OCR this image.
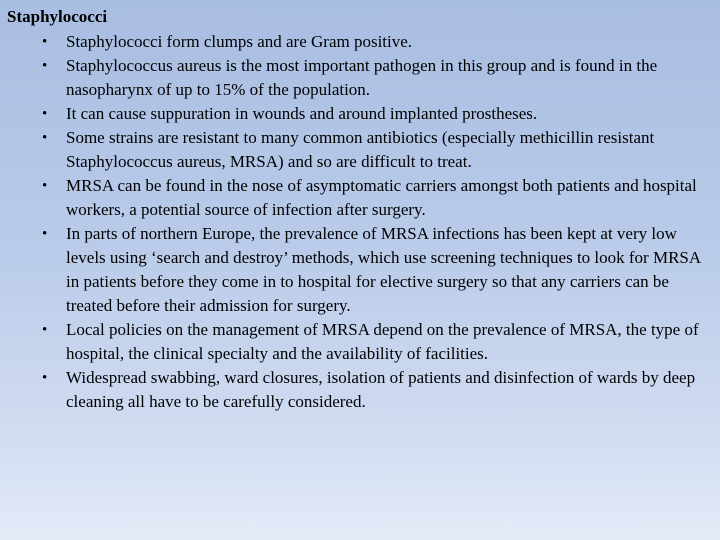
Staphylococci
• Staphylococci form clumps and are Gram positive.
• Staphylococcus aureus is the most important pathogen in this group and is found in the nasopharynx of up to 15% of the population.
• It can cause suppuration in wounds and around implanted prostheses.
• Some strains are resistant to many common antibiotics (especially methicillin resistant Staphylococcus aureus, MRSA) and so are difficult to treat.
• MRSA can be found in the nose of asymptomatic carriers amongst both patients and hospital workers, a potential source of infection after surgery.
• In parts of northern Europe, the prevalence of MRSA infections has been kept at very low levels using ‘search and destroy’ methods, which use screening techniques to look for MRSA in patients before they come in to hospital for elective surgery so that any carriers can be treated before their admission for surgery.
• Local policies on the management of MRSA depend on the prevalence of MRSA, the type of hospital, the clinical specialty and the availability of facilities.
• Widespread swabbing, ward closures, isolation of patients and disinfection of wards by deep cleaning all have to be carefully considered.
